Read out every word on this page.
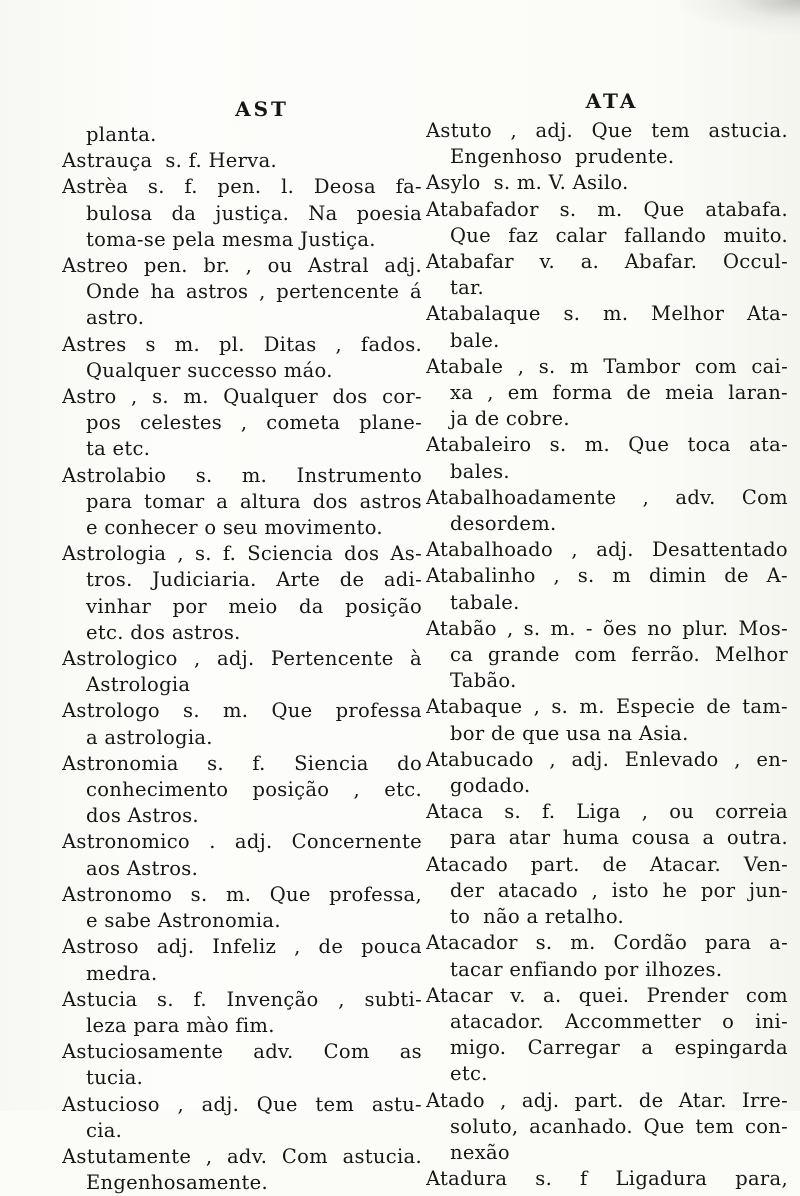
AST
planta.
Astrauça  s. f. Herva.
Astrèa s. f. pen. l. Deosa fa-
bulosa da justiça. Na poesia
toma-se pela mesma Justiça.
Astreo pen. br. , ou Astral adj.
Onde ha astros , pertencente á
astro.
Astres s m. pl. Ditas , fados.
Qualquer successo máo.
Astro , s. m. Qualquer dos cor-
pos celestes , cometa plane-
ta etc.
Astrolabio s. m. Instrumento
para tomar a altura dos astros
e conhecer o seu movimento.
Astrologia , s. f. Sciencia dos As-
tros. Judiciaria. Arte de adi-
vinhar por meio da posição
etc. dos astros.
Astrologico , adj. Pertencente à
Astrologia
Astrologo s. m. Que professa
a astrologia.
Astronomia s. f. Siencia do
conhecimento posição , etc.
dos Astros.
Astronomico . adj. Concernente
aos Astros.
Astronomo s. m. Que professa,
e sabe Astronomia.
Astroso adj. Infeliz , de pouca
medra.
Astucia s. f. Invenção , subti-
leza para mào fim.
Astuciosamente adv. Com as
tucia.
Astucioso , adj. Que tem astu-
cia.
Astutamente , adv. Com astucia.
Engenhosamente.
ATA
Astuto , adj. Que tem astucia.
Engenhoso  prudente.
Asylo  s. m. V. Asilo.
Atabafador s. m. Que atabafa.
Que faz calar fallando muito.
Atabafar v. a. Abafar. Occul-
tar.
Atabalaque s. m. Melhor Ata-
bale.
Atabale , s. m Tambor com cai-
xa , em forma de meia laran-
ja de cobre.
Atabaleiro s. m. Que toca ata-
bales.
Atabalhoadamente , adv. Com
desordem.
Atabalhoado , adj. Desattentado
Atabalinho , s. m dimin de A-
tabale.
Atabão , s. m. - ões no plur. Mos-
ca grande com ferrão. Melhor
Tabão.
Atabaque , s. m. Especie de tam-
bor de que usa na Asia.
Atabucado , adj. Enlevado , en-
godado.
Ataca s. f. Liga , ou correia
para atar huma cousa a outra.
Atacado part. de Atacar. Ven-
der atacado , isto he por jun-
to  não a retalho.
Atacador s. m. Cordão para a-
tacar enfiando por ilhozes.
Atacar v. a. quei. Prender com
atacador. Accommetter o ini-
migo. Carregar a espingarda
etc.
Atado , adj. part. de Atar. Irre-
soluto, acanhado. Que tem con-
nexão
Atadura s. f Ligadura para,
